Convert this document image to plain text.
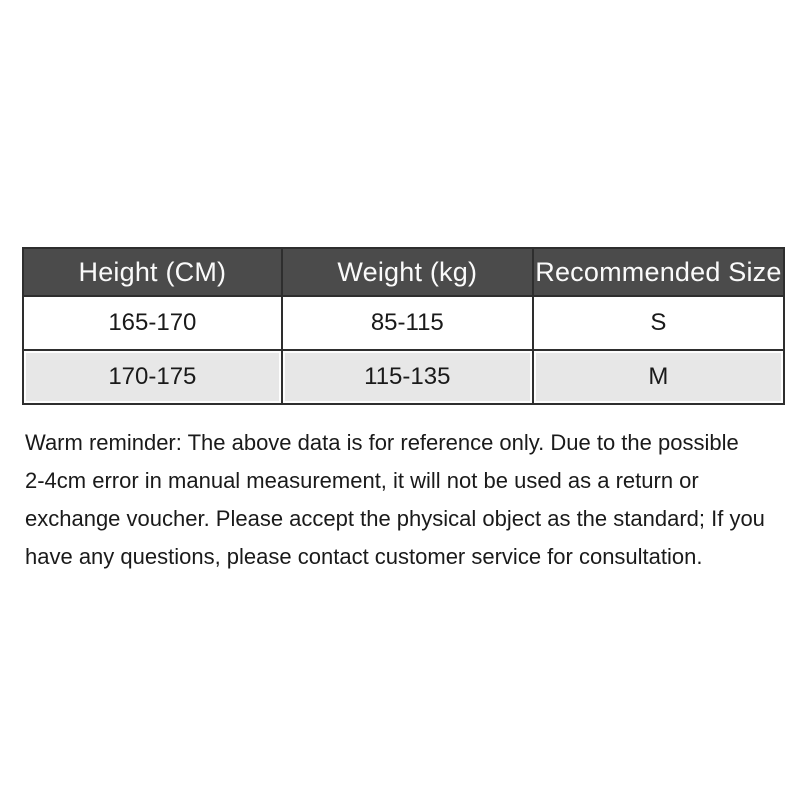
Height (CM)	Weight (kg)	Recommended Size
165-170	85-115	S
170-175	115-135	M
Warm reminder: The above data is for reference only. Due to the possible
2-4cm error in manual measurement, it will not be used as a return or
exchange voucher. Please accept the physical object as the standard; If you
have any questions, please contact customer service for consultation.
